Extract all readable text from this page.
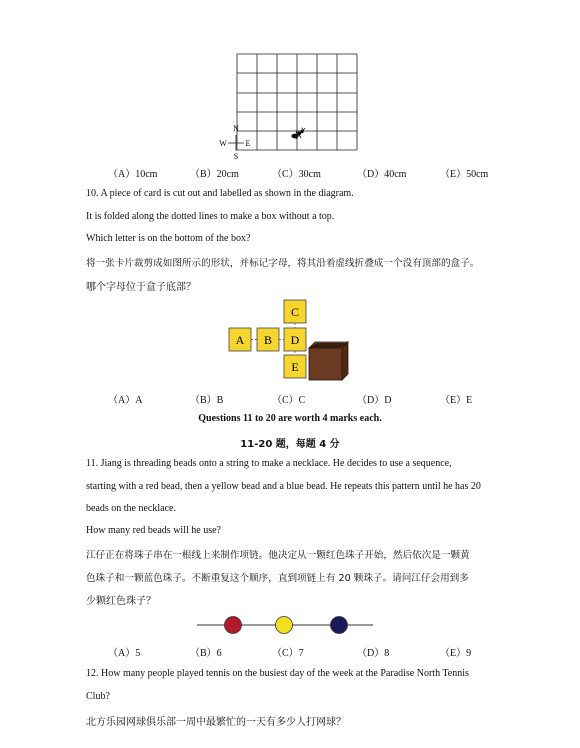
N
S
E
W
（A）10cm	（B）20cm	（C）30cm	（D）40cm	（E）50cm
10. A piece of card is cut out and labelled as shown in the diagram.
It is folded along the dotted lines to make a box without a top.
Which letter is on the bottom of the box?
将一张卡片裁剪成如图所示的形状，并标记字母，将其沿着虚线折叠成一个没有顶部的盒子。
哪个字母位于盒子底部？
A B
C
D
E
（A）A	（B）B	（C）C	（D）D	（E）E
Questions 11 to 20 are worth 4 marks each.
11-20 题，每题 4 分
11. Jiang is threading beads onto a string to make a necklace. He decides to use a sequence,
starting with a red bead, then a yellow bead and a blue bead. He repeats this pattern until he has 20
beads on the necklace.
How many red beads will he use?
江仔正在将珠子串在一根线上来制作项链。他决定从一颗红色珠子开始，然后依次是一颗黄
色珠子和一颗蓝色珠子。不断重复这个顺序，直到项链上有 20 颗珠子。请问江仔会用到多
少颗红色珠子？
（A）5	（B）6	（C）7	（D）8	（E）9
12. How many people played tennis on the busiest day of the week at the Paradise North Tennis
Club?
北方乐园网球俱乐部一周中最繁忙的一天有多少人打网球？
